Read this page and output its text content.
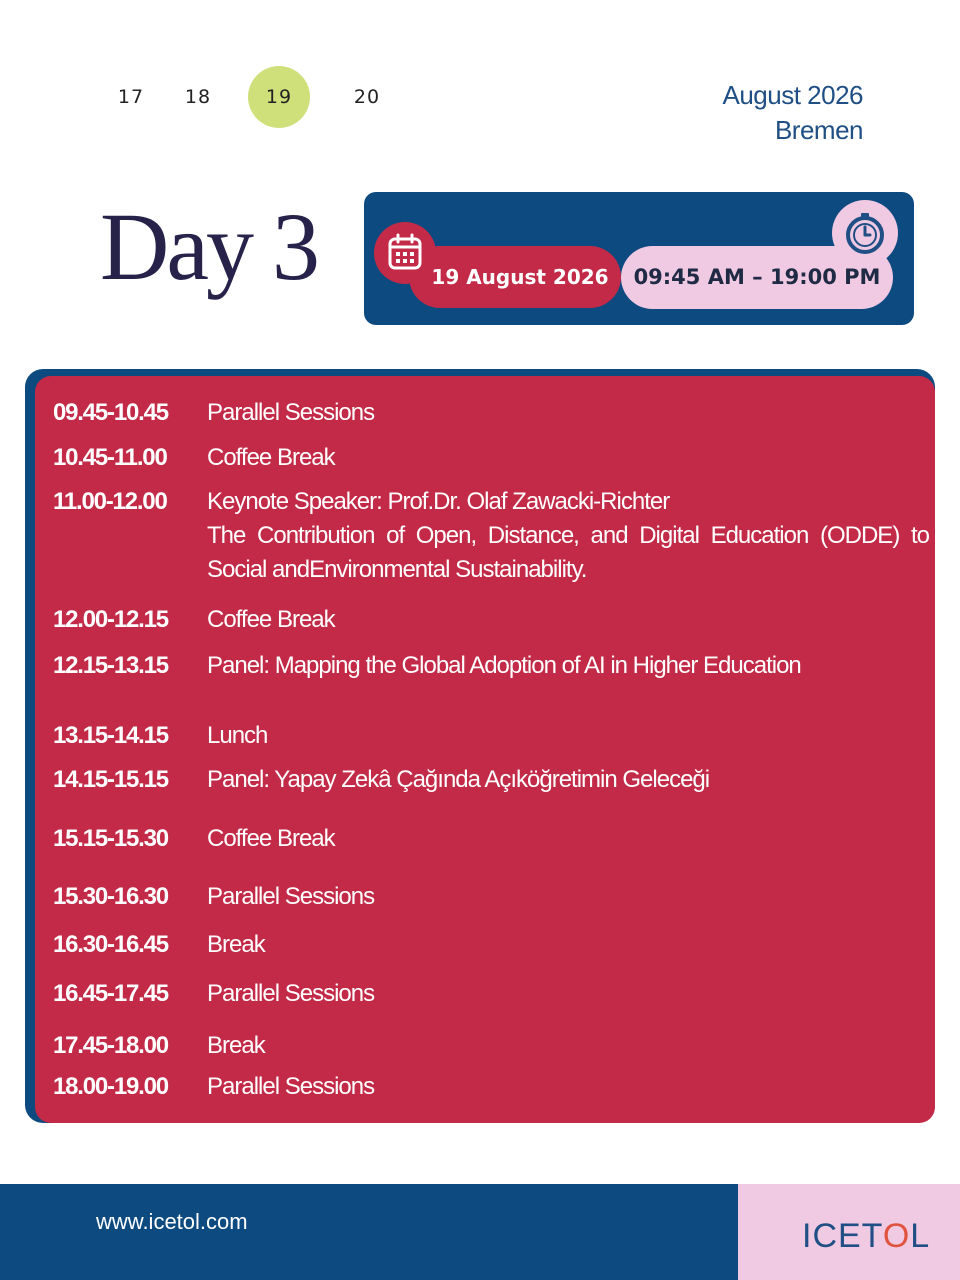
17	18	19	20	August 2026
Bremen
Day 3	19 August 2026	09:45 AM – 19:00 PM
09.45-10.45	Parallel Sessions
10.45-11.00	Coffee Break
11.00-12.00	Keynote Speaker: Prof.Dr. Olaf Zawacki-Richter
The Contribution of Open, Distance, and Digital Education (ODDE) to
Social andEnvironmental Sustainability.
12.00-12.15	Coffee Break
12.15-13.15	Panel: Mapping the Global Adoption of AI in Higher Education
13.15-14.15	Lunch
14.15-15.15	Panel: Yapay Zekâ Çağında Açıköğretimin Geleceği
15.15-15.30	Coffee Break
15.30-16.30	Parallel Sessions
16.30-16.45	Break
16.45-17.45	Parallel Sessions
17.45-18.00	Break
18.00-19.00	Parallel Sessions
www.icetol.com	ICETOL
